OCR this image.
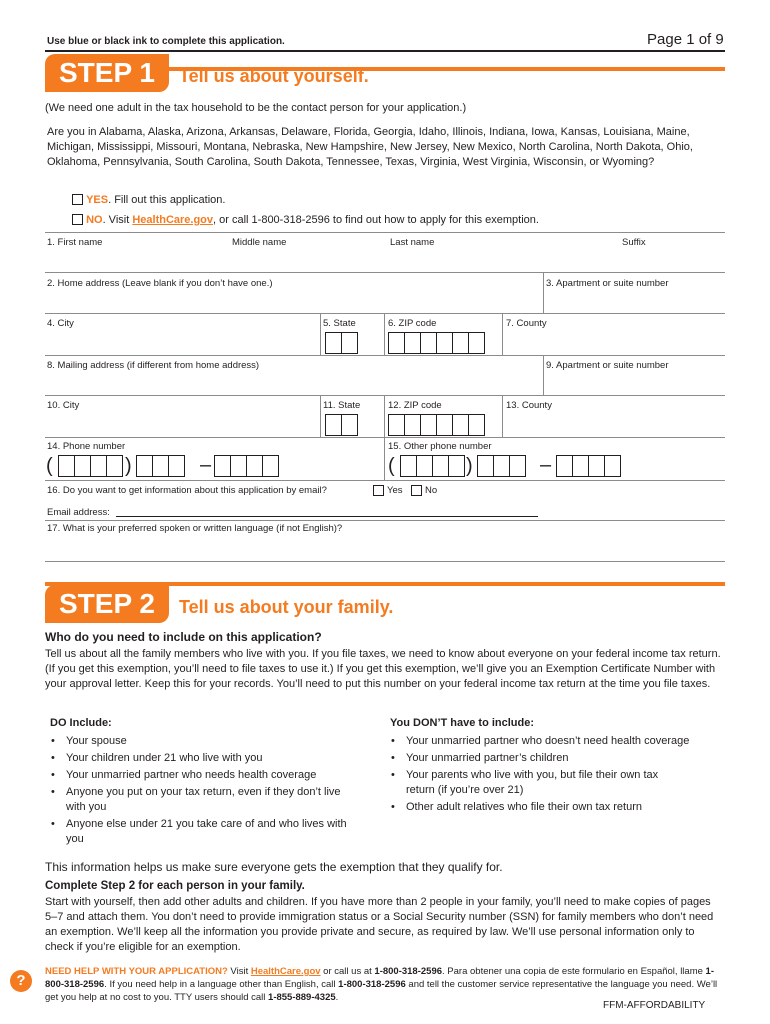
Use blue or black ink to complete this application.	Page 1 of 9
STEP 1	Tell us about yourself.
(We need one adult in the tax household to be the contact person for your application.)
Are you in Alabama, Alaska, Arizona, Arkansas, Delaware, Florida, Georgia, Idaho, Illinois, Indiana, Iowa, Kansas, Louisiana, Maine, Michigan, Mississippi, Missouri, Montana, Nebraska, New Hampshire, New Jersey, New Mexico, North Carolina, North Dakota, Ohio, Oklahoma, Pennsylvania, South Carolina, South Dakota, Tennessee, Texas, Virginia, West Virginia, Wisconsin, or Wyoming?
YES. Fill out this application.
NO. Visit HealthCare.gov, or call 1-800-318-2596 to find out how to apply for this exemption.
1. First name	Middle name	Last name	Suffix
2. Home address (Leave blank if you don’t have one.)	3. Apartment or suite number
4. City	5. State	6. ZIP code	7. County
8. Mailing address (if different from home address)	9. Apartment or suite number
10. City	11. State	12. ZIP code	13. County
14. Phone number	15. Other phone number
(	)	–	(	)	–
16. Do you want to get information about this application by email?	Yes No
Email address:
17. What is your preferred spoken or written language (if not English)?
STEP 2	Tell us about your family.
Who do you need to include on this application?
Tell us about all the family members who live with you. If you file taxes, we need to know about everyone on your federal income tax return. (If you get this exemption, you’ll need to file taxes to use it.) If you get this exemption, we’ll give you an Exemption Certificate Number with your approval letter. Keep this for your records. You’ll need to put this number on your federal income tax return at the time you file taxes.
DO Include:
• Your spouse
• Your children under 21 who live with you
• Your unmarried partner who needs health coverage
• Anyone you put on your tax return, even if they don’t live with you
• Anyone else under 21 you take care of and who lives with you
You DON’T have to include:
• Your unmarried partner who doesn’t need health coverage
• Your unmarried partner’s children
• Your parents who live with you, but file their own tax return (if you’re over 21)
• Other adult relatives who file their own tax return
This information helps us make sure everyone gets the exemption that they qualify for.
Complete Step 2 for each person in your family.
Start with yourself, then add other adults and children. If you have more than 2 people in your family, you’ll need to make copies of pages 5–7 and attach them. You don’t need to provide immigration status or a Social Security number (SSN) for family members who don’t need an exemption. We’ll keep all the information you provide private and secure, as required by law. We’ll use personal information only to check if you’re eligible for an exemption.
?
NEED HELP WITH YOUR APPLICATION? Visit HealthCare.gov or call us at 1-800-318-2596. Para obtener una copia de este formulario en Español, llame 1-800-318-2596. If you need help in a language other than English, call 1-800-318-2596 and tell the customer service representative the language you need. We’ll get you help at no cost to you. TTY users should call 1-855-889-4325.
FFM-AFFORDABILITY
